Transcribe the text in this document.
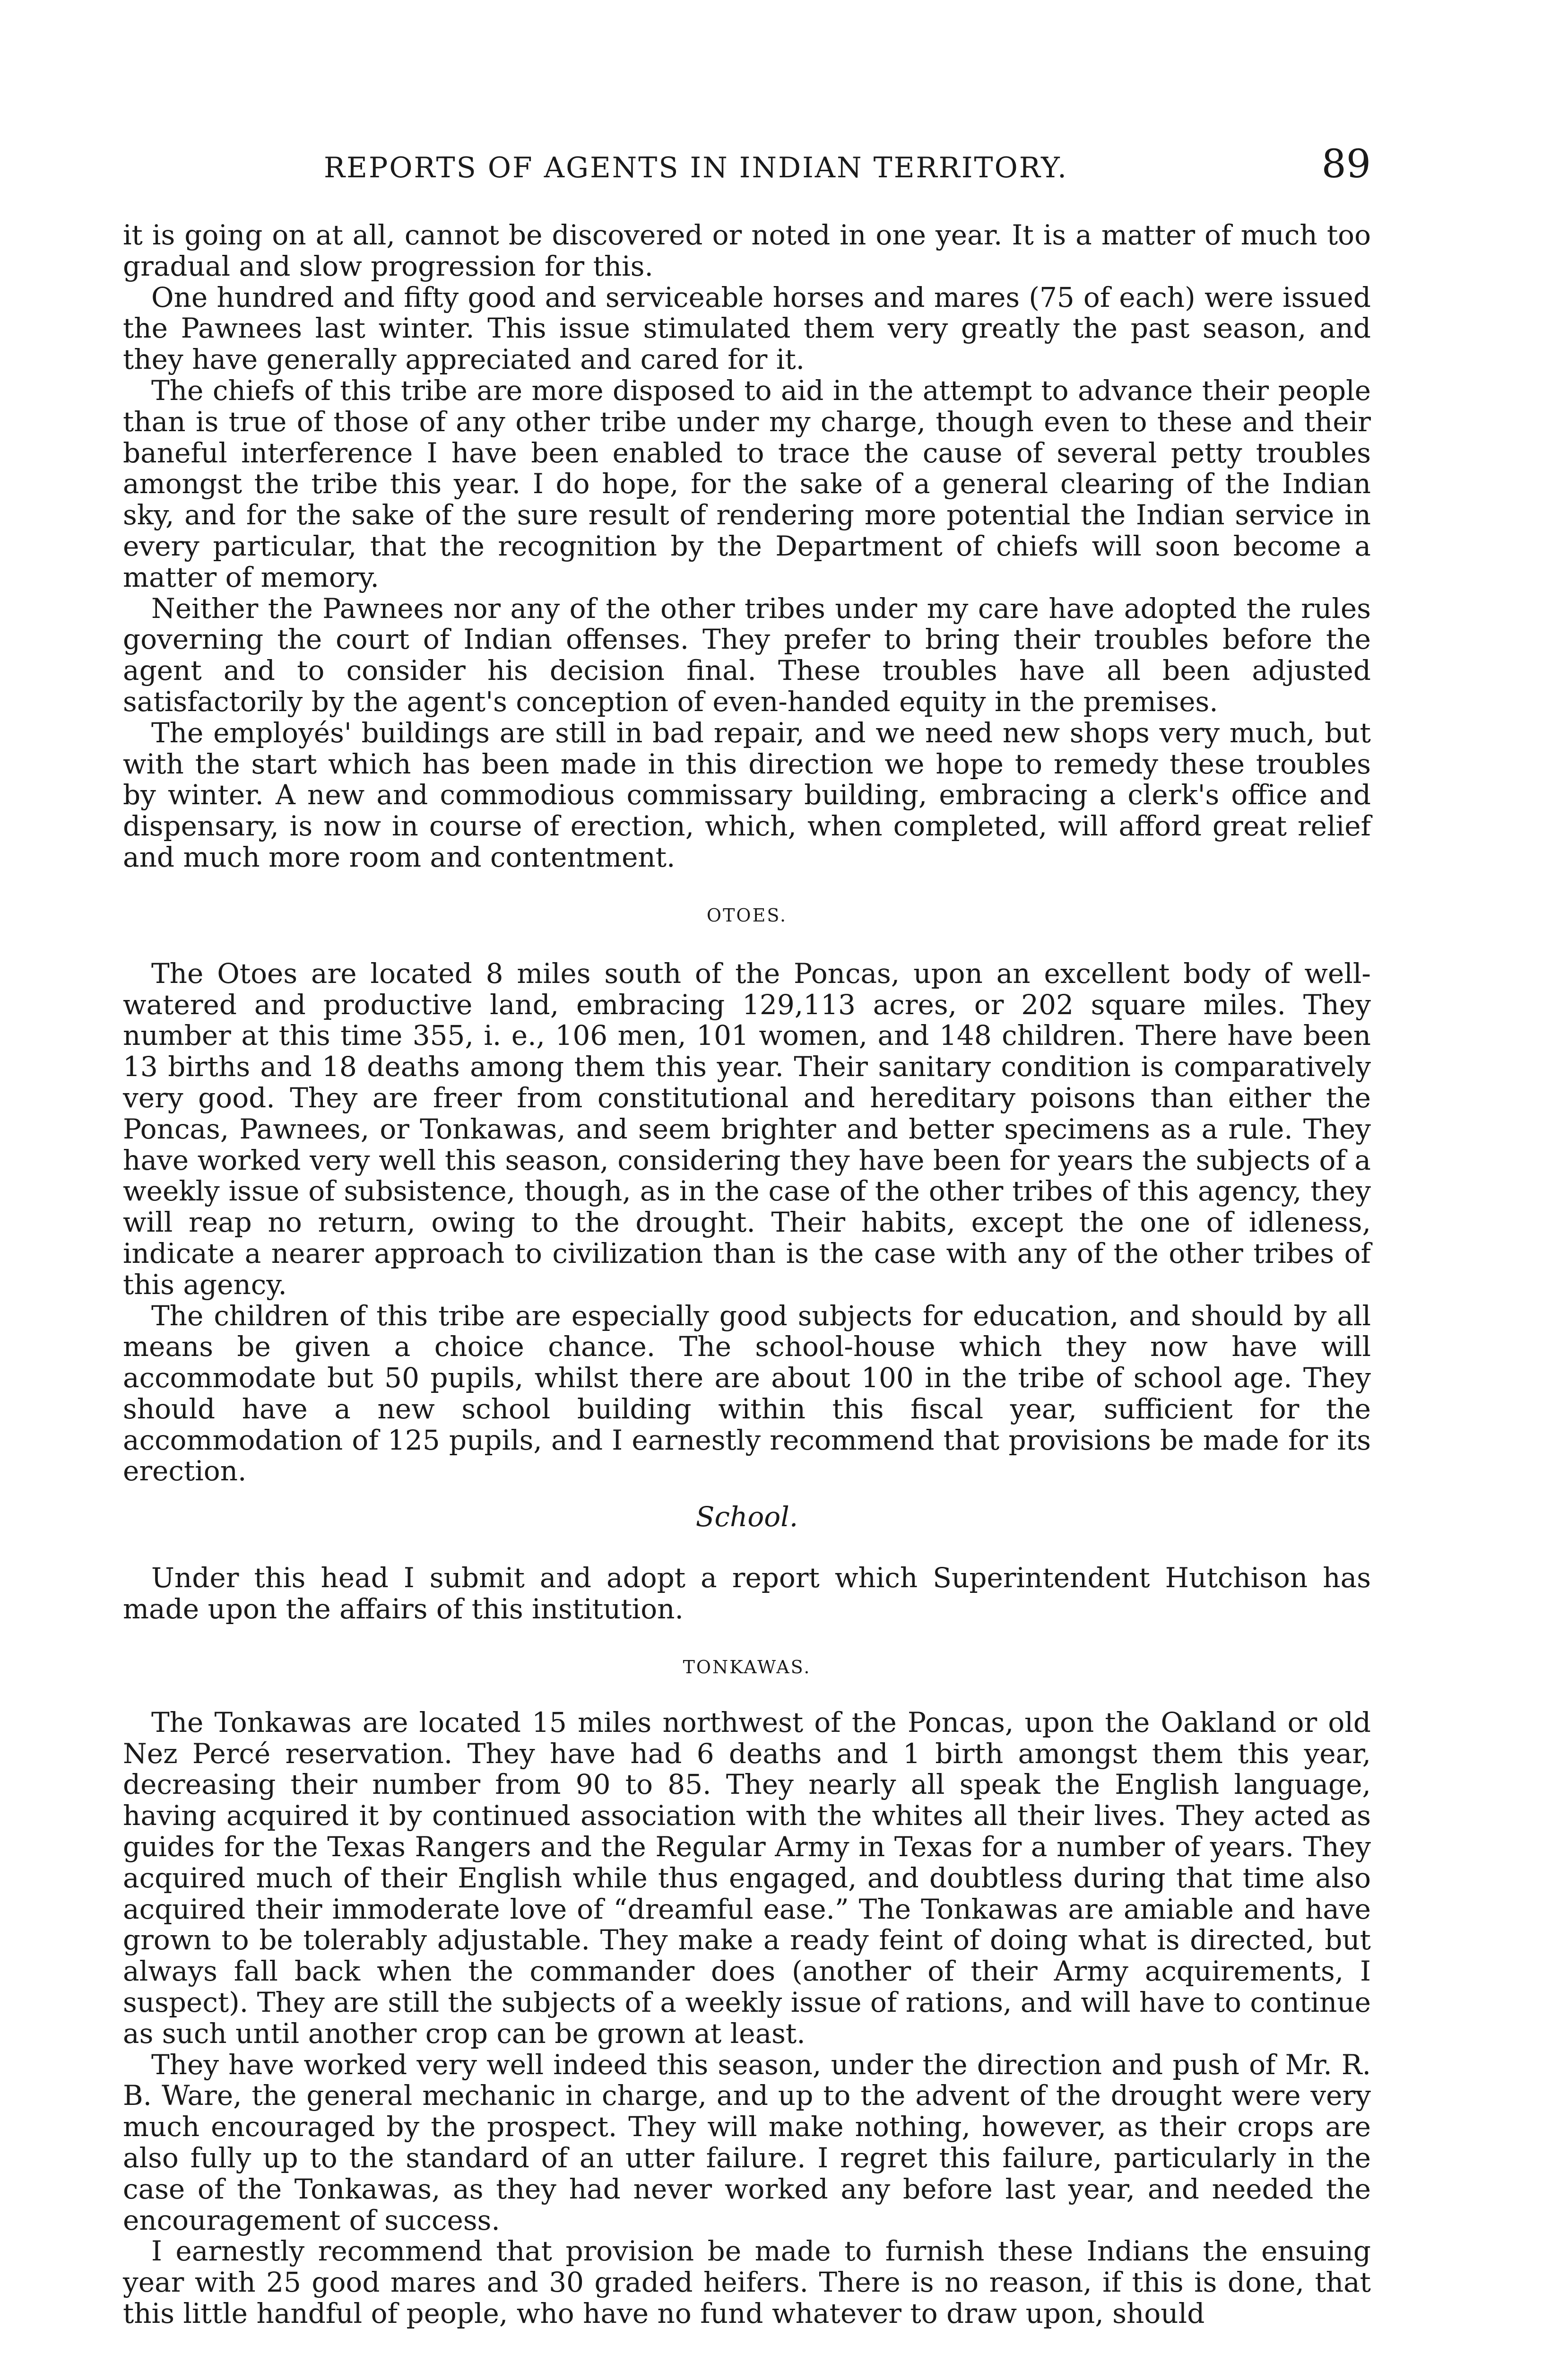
REPORTS OF AGENTS IN INDIAN TERRITORY.	89

it is going on at all, cannot be discovered or noted in one year. It is a matter of much too gradual and slow progression for this.

One hundred and fifty good and serviceable horses and mares (75 of each) were issued the Pawnees last winter. This issue stimulated them very greatly the past season, and they have generally appreciated and cared for it.

The chiefs of this tribe are more disposed to aid in the attempt to advance their people than is true of those of any other tribe under my charge, though even to these and their baneful interference I have been enabled to trace the cause of several petty troubles amongst the tribe this year. I do hope, for the sake of a general clearing of the Indian sky, and for the sake of the sure result of rendering more potential the Indian service in every particular, that the recognition by the Department of chiefs will soon become a matter of memory.

Neither the Pawnees nor any of the other tribes under my care have adopted the rules governing the court of Indian offenses. They prefer to bring their troubles before the agent and to consider his decision final. These troubles have all been adjusted satisfactorily by the agent's conception of even-handed equity in the premises.

The employés' buildings are still in bad repair, and we need new shops very much, but with the start which has been made in this direction we hope to remedy these troubles by winter. A new and commodious commissary building, embracing a clerk's office and dispensary, is now in course of erection, which, when completed, will afford great relief and much more room and contentment.

OTOES.

The Otoes are located 8 miles south of the Poncas, upon an excellent body of well-watered and productive land, embracing 129,113 acres, or 202 square miles. They number at this time 355, i. e., 106 men, 101 women, and 148 children. There have been 13 births and 18 deaths among them this year. Their sanitary condition is comparatively very good. They are freer from constitutional and hereditary poisons than either the Poncas, Pawnees, or Tonkawas, and seem brighter and better specimens as a rule. They have worked very well this season, considering they have been for years the subjects of a weekly issue of subsistence, though, as in the case of the other tribes of this agency, they will reap no return, owing to the drought. Their habits, except the one of idleness, indicate a nearer approach to civilization than is the case with any of the other tribes of this agency.

The children of this tribe are especially good subjects for education, and should by all means be given a choice chance. The school-house which they now have will accommodate but 50 pupils, whilst there are about 100 in the tribe of school age. They should have a new school building within this fiscal year, sufficient for the accommodation of 125 pupils, and I earnestly recommend that provisions be made for its erection.

School.

Under this head I submit and adopt a report which Superintendent Hutchison has made upon the affairs of this institution.

TONKAWAS.

The Tonkawas are located 15 miles northwest of the Poncas, upon the Oakland or old Nez Percé reservation. They have had 6 deaths and 1 birth amongst them this year, decreasing their number from 90 to 85. They nearly all speak the English language, having acquired it by continued association with the whites all their lives. They acted as guides for the Texas Rangers and the Regular Army in Texas for a number of years. They acquired much of their English while thus engaged, and doubtless during that time also acquired their immoderate love of “dreamful ease.” The Tonkawas are amiable and have grown to be tolerably adjustable. They make a ready feint of doing what is directed, but always fall back when the commander does (another of their Army acquirements, I suspect). They are still the subjects of a weekly issue of rations, and will have to continue as such until another crop can be grown at least.

They have worked very well indeed this season, under the direction and push of Mr. R. B. Ware, the general mechanic in charge, and up to the advent of the drought were very much encouraged by the prospect. They will make nothing, however, as their crops are also fully up to the standard of an utter failure. I regret this failure, particularly in the case of the Tonkawas, as they had never worked any before last year, and needed the encouragement of success.

I earnestly recommend that provision be made to furnish these Indians the ensuing year with 25 good mares and 30 graded heifers. There is no reason, if this is done, that this little handful of people, who have no fund whatever to draw upon, should
